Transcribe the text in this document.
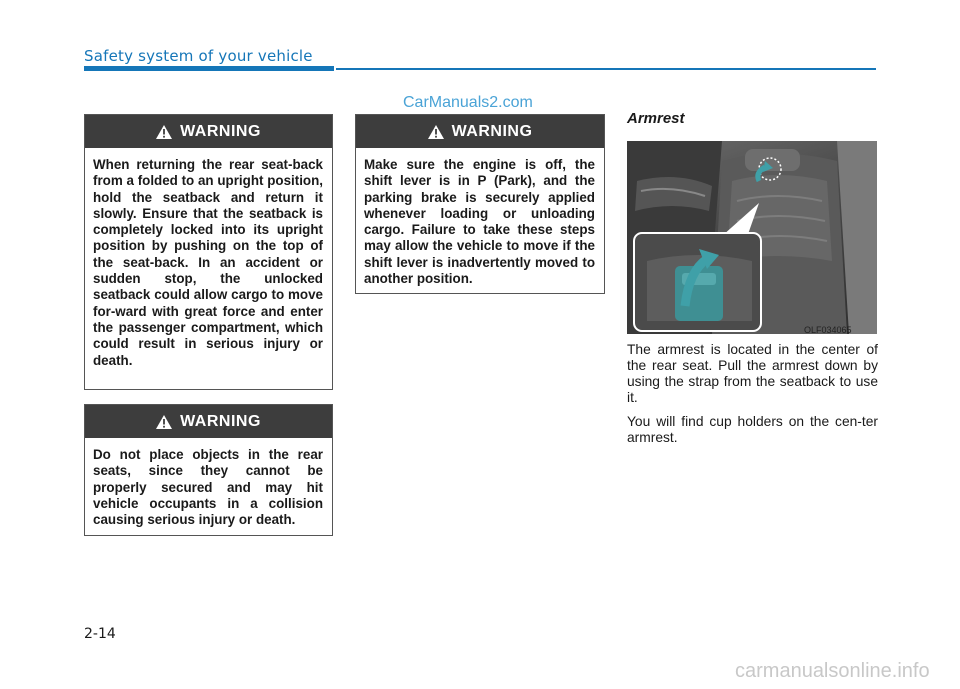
Safety system of your vehicle
CarManuals2.com
WARNING
When returning the rear seat-back from a folded to an upright position, hold the seatback and return it slowly. Ensure that the seatback is completely locked into its upright position by pushing on the top of the seat-back. In an accident or sudden stop, the unlocked seatback could allow cargo to move for-ward with great force and enter the passenger compartment, which could result in serious injury or death.
WARNING
Do not place objects in the rear seats, since they cannot be properly secured and may hit vehicle occupants in a collision causing serious injury or death.
WARNING
Make sure the engine is off, the shift lever is in P (Park), and the parking brake is securely applied whenever loading or unloading cargo. Failure to take these steps may allow the vehicle to move if the shift lever is inadvertently moved to another position.
Armrest
OLF034065

The armrest is located in the center of the rear seat. Pull the armrest down by using the strap from the seatback to use it.

You will find cup holders on the cen-ter armrest.

2-14
carmanualsonline.info
